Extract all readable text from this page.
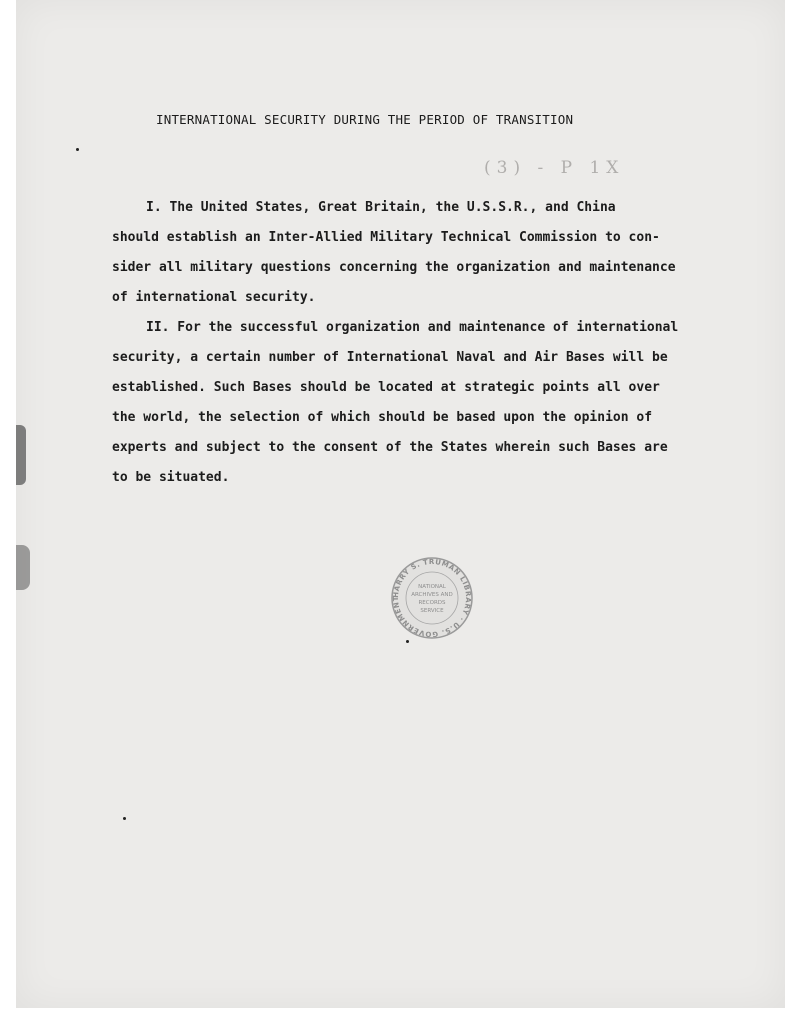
INTERNATIONAL SECURITY DURING THE PERIOD OF TRANSITION
(3) - P 1X
I. The United States, Great Britain, the U.S.S.R., and China
should establish an Inter-Allied Military Technical Commission to con-
sider all military questions concerning the organization and maintenance
of international security.
II. For the successful organization and maintenance of international
security, a certain number of International Naval and Air Bases will be
established. Such Bases should be located at strategic points all over
the world, the selection of which should be based upon the opinion of
experts and subject to the consent of the States wherein such Bases are
to be situated.
HARRY S. TRUMAN LIBRARY · U.S. GOVERNMENT
NATIONAL
ARCHIVES AND
RECORDS
SERVICE
